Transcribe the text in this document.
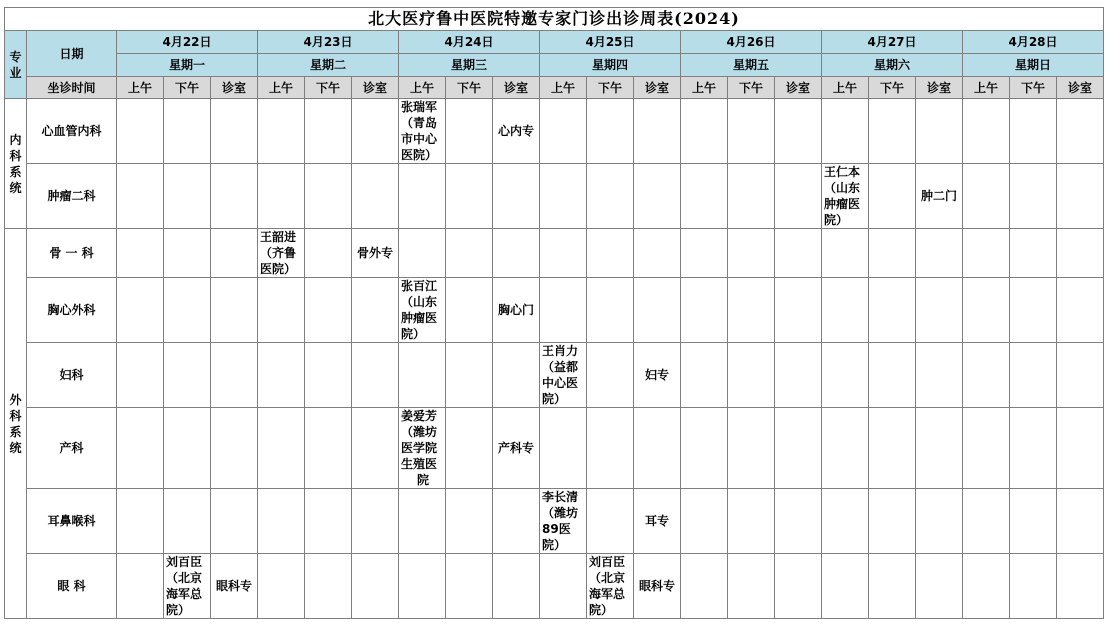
北大医疗鲁中医院特邀专家门诊出诊周表(2024)																						

专
业	日期	4月22日			4月23日			4月24日			4月25日			4月26日			4月27日			4月28日		
		星期一			星期二			星期三			星期四			星期五			星期六			星期日		
	坐诊时间	上午	下午	诊室	上午	下午	诊室	上午	下午	诊室	上午	下午	诊室	上午	下午	诊室	上午	下午	诊室	上午	下午	诊室

内
科
系
统	心血管内科							张瑞军
（青岛
市中心
医院）		心内专												
	肿瘤二科																王仁本
（山东
肿瘤医
院）		肿二门			

外
科
系
统	骨 一 科				王韶进
（齐鲁
医院）		骨外专															
	胸心外科							张百江
（山东
肿瘤医
院）		胸心门												
	妇科										王肖力
（益都
中心医
院）		妇专									
	产科							姜爱芳
（潍坊
医学院
生殖医
院		产科专												
	耳鼻喉科										李长清
（潍坊
89医
院）		耳专									
	眼 科		刘百臣
（北京
海军总
院）	眼科专								刘百臣
（北京
海军总
院）	眼科专									
